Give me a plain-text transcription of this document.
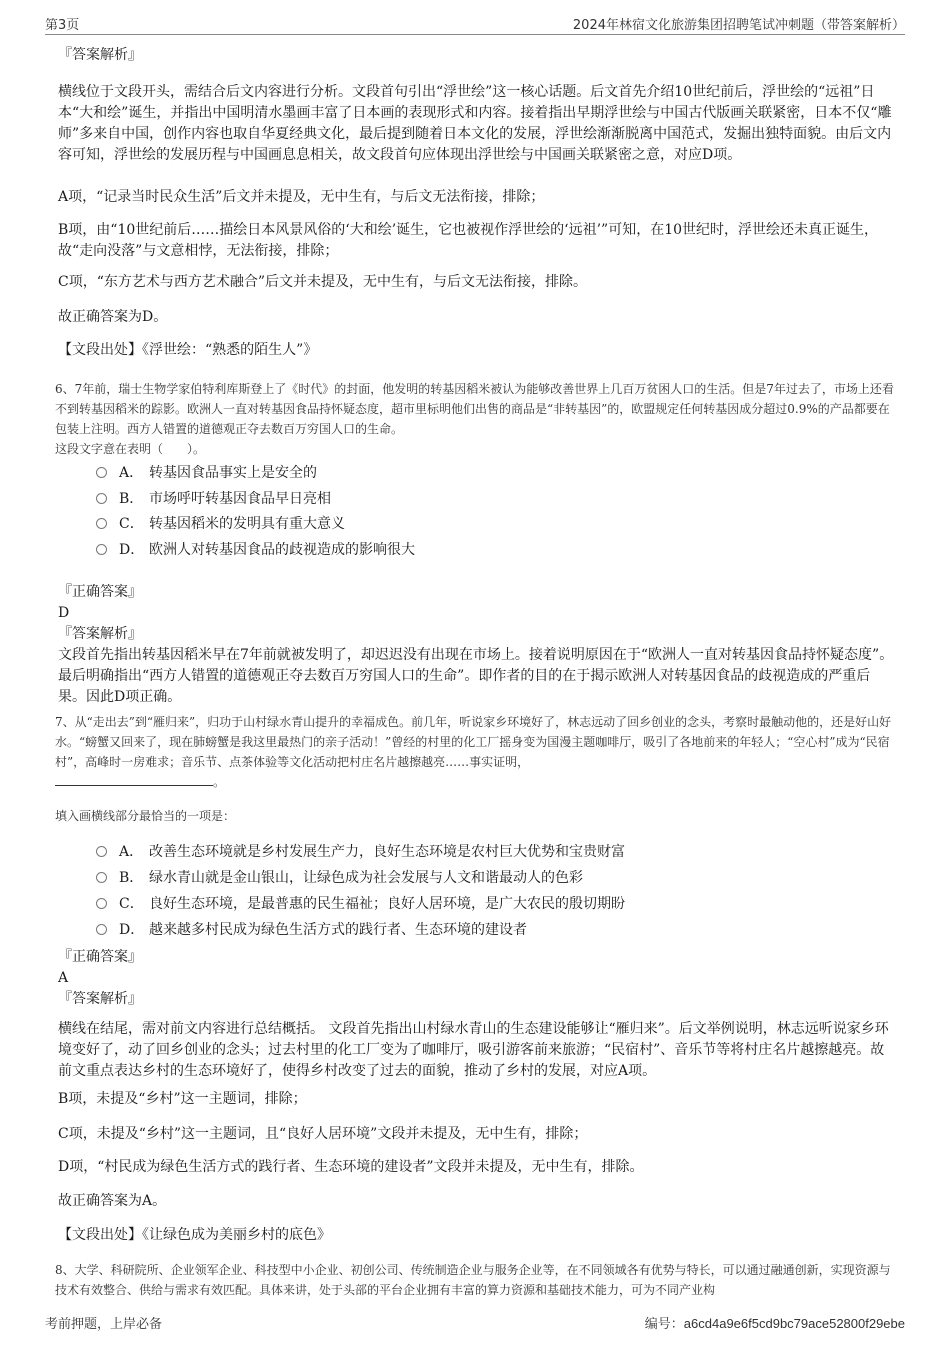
第3页	2024年林宿文化旅游集团招聘笔试冲刺题（带答案解析）

『答案解析』

横线位于文段开头，需结合后文内容进行分析。文段首句引出“浮世绘”这一核心话题。后文首先介绍10世纪前后，浮世绘的“远祖”日本“大和绘”诞生，并指出中国明清水墨画丰富了日本画的表现形式和内容。接着指出早期浮世绘与中国古代版画关联紧密，日本不仅“雕师”多来自中国，创作内容也取自华夏经典文化，最后提到随着日本文化的发展，浮世绘渐渐脱离中国范式，发掘出独特面貌。由后文内容可知，浮世绘的发展历程与中国画息息相关，故文段首句应体现出浮世绘与中国画关联紧密之意，对应D项。

A项，“记录当时民众生活”后文并未提及，无中生有，与后文无法衔接，排除；

B项，由“10世纪前后……描绘日本风景风俗的‘大和绘’诞生，它也被视作浮世绘的‘远祖’”可知，在10世纪时，浮世绘还未真正诞生，故“走向没落”与文意相悖，无法衔接，排除；

C项，“东方艺术与西方艺术融合”后文并未提及，无中生有，与后文无法衔接，排除。

故正确答案为D。

【文段出处】《浮世绘：“熟悉的陌生人”》

6、7年前，瑞士生物学家伯特利库斯登上了《时代》的封面，他发明的转基因稻米被认为能够改善世界上几百万贫困人口的生活。但是7年过去了，市场上还看不到转基因稻米的踪影。欧洲人一直对转基因食品持怀疑态度，超市里标明他们出售的商品是“非转基因”的，欧盟规定任何转基因成分超过0.9%的产品都要在包装上注明。西方人错置的道德观正夺去数百万穷国人口的生命。

这段文字意在表明（　　）。

A． 转基因食品事实上是安全的
B． 市场呼吁转基因食品早日亮相
C． 转基因稻米的发明具有重大意义
D． 欧洲人对转基因食品的歧视造成的影响很大

『正确答案』

D

『答案解析』

文段首先指出转基因稻米早在7年前就被发明了，却迟迟没有出现在市场上。接着说明原因在于“欧洲人一直对转基因食品持怀疑态度”。最后明确指出“西方人错置的道德观正夺去数百万穷国人口的生命”。即作者的目的在于揭示欧洲人对转基因食品的歧视造成的严重后果。因此D项正确。

7、从“走出去”到“雁归来”，归功于山村绿水青山提升的幸福成色。前几年，听说家乡环境好了，林志远动了回乡创业的念头，考察时最触动他的，还是好山好水。“螃蟹又回来了，现在肺螃蟹是我这里最热门的亲子活动！”曾经的村里的化工厂摇身变为国漫主题咖啡厅，吸引了各地前来的年轻人；“空心村”成为“民宿村”，高峰时一房难求；音乐节、点茶体验等文化活动把村庄名片越擦越亮……事实证明，
。

填入画横线部分最恰当的一项是：

A． 改善生态环境就是乡村发展生产力，良好生态环境是农村巨大优势和宝贵财富
B． 绿水青山就是金山银山，让绿色成为社会发展与人文和谐最动人的色彩
C． 良好生态环境，是最普惠的民生福祉；良好人居环境，是广大农民的殷切期盼
D． 越来越多村民成为绿色生活方式的践行者、生态环境的建设者

『正确答案』

A

『答案解析』

横线在结尾，需对前文内容进行总结概括。 文段首先指出山村绿水青山的生态建设能够让“雁归来”。后文举例说明，林志远听说家乡环境变好了，动了回乡创业的念头；过去村里的化工厂变为了咖啡厅，吸引游客前来旅游；“民宿村”、音乐节等将村庄名片越擦越亮。故前文重点表达乡村的生态环境好了，使得乡村改变了过去的面貌，推动了乡村的发展，对应A项。

B项，未提及“乡村”这一主题词，排除；

C项，未提及“乡村”这一主题词，且“良好人居环境”文段并未提及，无中生有，排除；

D项，“村民成为绿色生活方式的践行者、生态环境的建设者”文段并未提及，无中生有，排除。

故正确答案为A。

【文段出处】《让绿色成为美丽乡村的底色》

8、大学、科研院所、企业领军企业、科技型中小企业、初创公司、传统制造企业与服务企业等，在不同领域各有优势与特长，可以通过融通创新，实现资源与技术有效整合、供给与需求有效匹配。具体来讲，处于头部的平台企业拥有丰富的算力资源和基础技术能力，可为不同产业构

考前押题，上岸必备	编号：a6cd4a9e6f5cd9bc79ace52800f29ebe
